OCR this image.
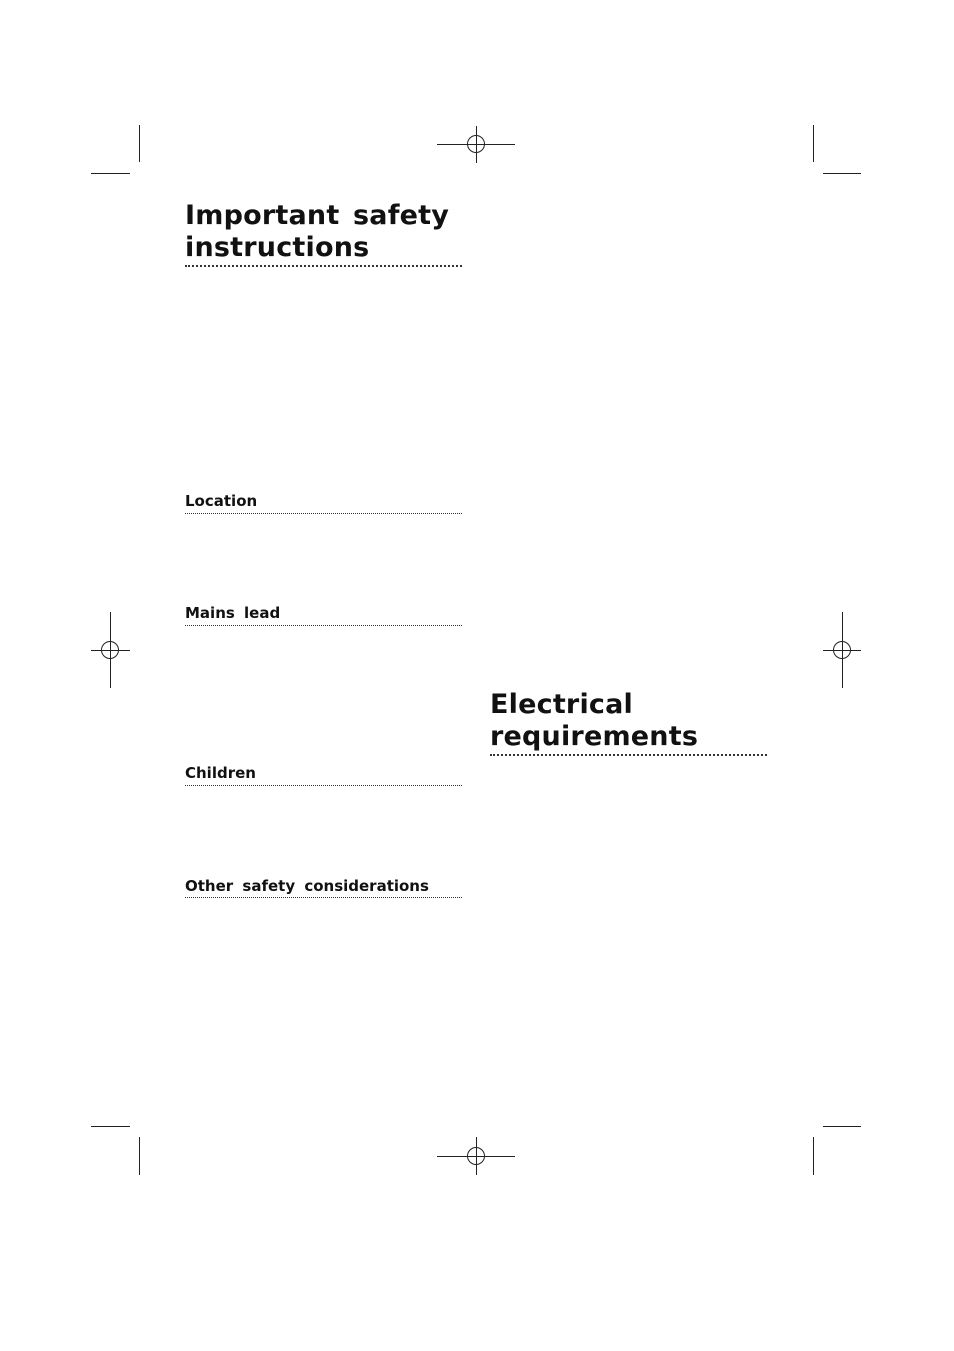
Important safety
instructions
Location
Mains lead
Children
Other safety considerations
Electrical
requirements
